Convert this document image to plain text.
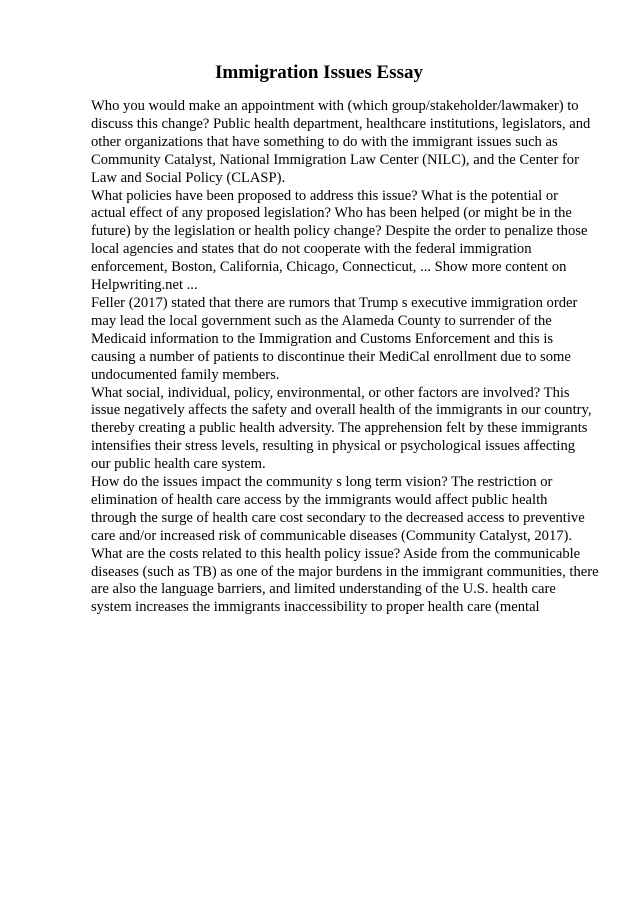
Immigration Issues Essay
Who you would make an appointment with (which group/stakeholder/lawmaker) to
discuss this change? Public health department, healthcare institutions, legislators, and
other organizations that have something to do with the immigrant issues such as
Community Catalyst, National Immigration Law Center (NILC), and the Center for
Law and Social Policy (CLASP).
What policies have been proposed to address this issue? What is the potential or
actual effect of any proposed legislation? Who has been helped (or might be in the
future) by the legislation or health policy change? Despite the order to penalize those
local agencies and states that do not cooperate with the federal immigration
enforcement, Boston, California, Chicago, Connecticut, ... Show more content on
Helpwriting.net ...
Feller (2017) stated that there are rumors that Trump s executive immigration order
may lead the local government such as the Alameda County to surrender of the
Medicaid information to the Immigration and Customs Enforcement and this is
causing a number of patients to discontinue their MediCal enrollment due to some
undocumented family members.
What social, individual, policy, environmental, or other factors are involved? This
issue negatively affects the safety and overall health of the immigrants in our country,
thereby creating a public health adversity. The apprehension felt by these immigrants
intensifies their stress levels, resulting in physical or psychological issues affecting
our public health care system.
How do the issues impact the community s long term vision? The restriction or
elimination of health care access by the immigrants would affect public health
through the surge of health care cost secondary to the decreased access to preventive
care and/or increased risk of communicable diseases (Community Catalyst, 2017).
What are the costs related to this health policy issue? Aside from the communicable
diseases (such as TB) as one of the major burdens in the immigrant communities, there
are also the language barriers, and limited understanding of the U.S. health care
system increases the immigrants inaccessibility to proper health care (mental
